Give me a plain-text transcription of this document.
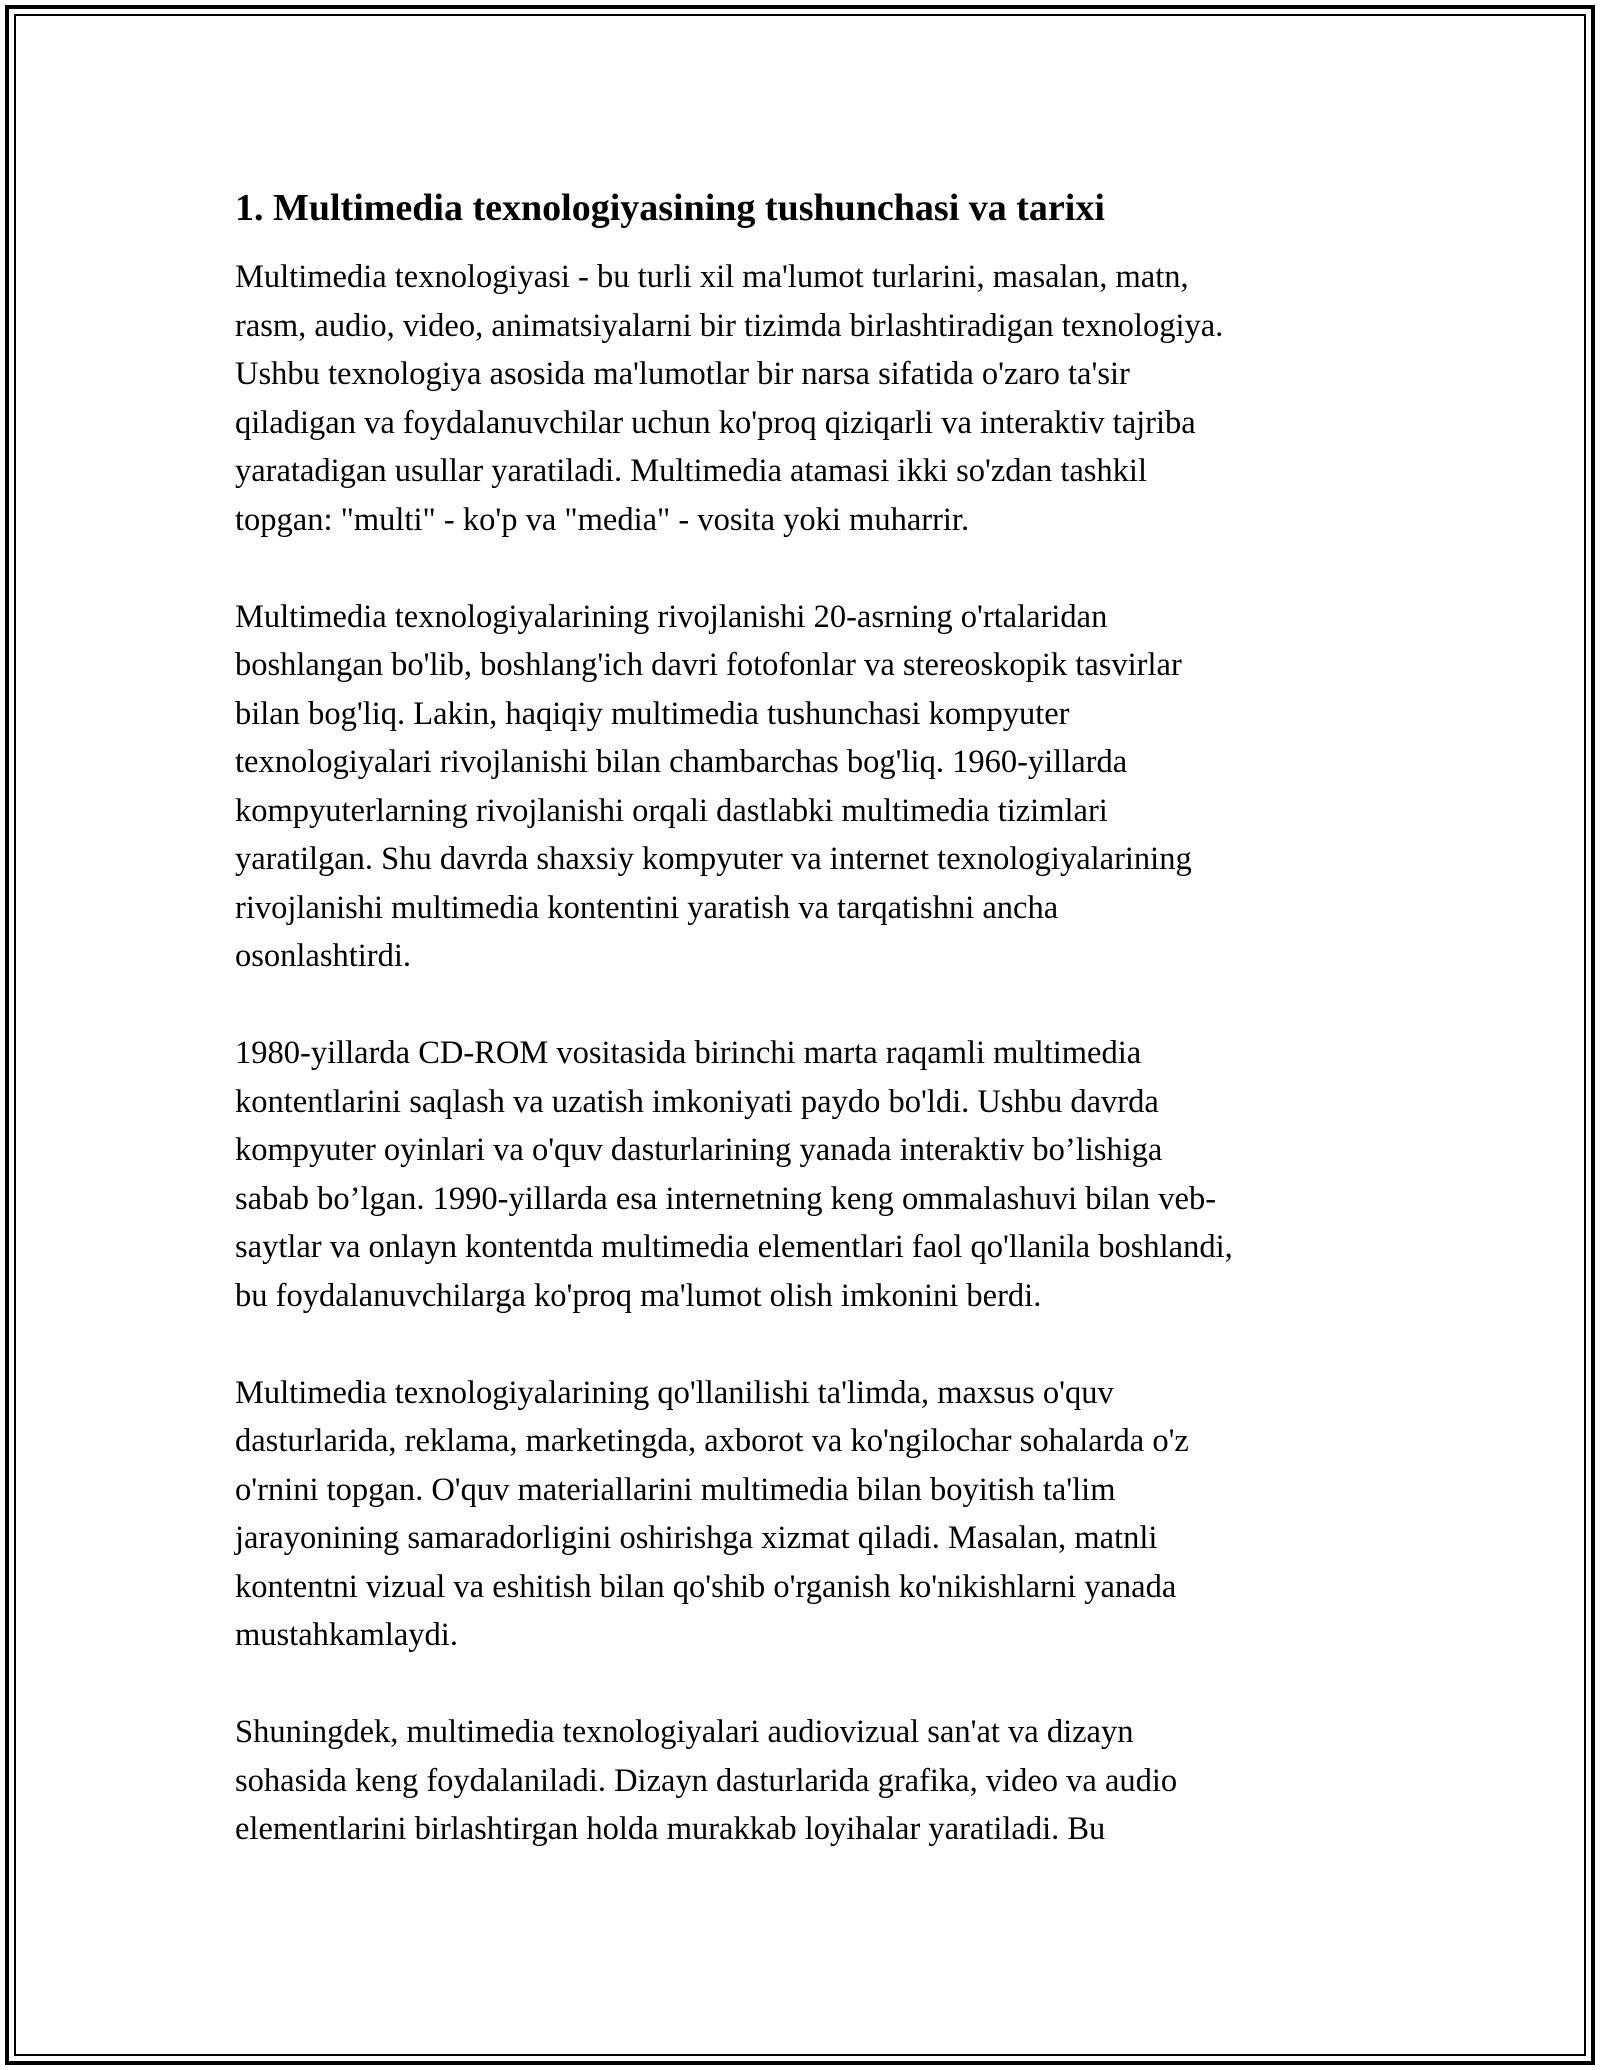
1. Multimedia texnologiyasining tushunchasi va tarixi

Multimedia texnologiyasi - bu turli xil ma'lumot turlarini, masalan, matn,
rasm, audio, video, animatsiyalarni bir tizimda birlashtiradigan texnologiya.
Ushbu texnologiya asosida ma'lumotlar bir narsa sifatida o'zaro ta'sir
qiladigan va foydalanuvchilar uchun ko'proq qiziqarli va interaktiv tajriba
yaratadigan usullar yaratiladi. Multimedia atamasi ikki so'zdan tashkil
topgan: "multi" - ko'p va "media" - vosita yoki muharrir.

Multimedia texnologiyalarining rivojlanishi 20-asrning o'rtalaridan
boshlangan bo'lib, boshlang'ich davri fotofonlar va stereoskopik tasvirlar
bilan bog'liq. Lakin, haqiqiy multimedia tushunchasi kompyuter
texnologiyalari rivojlanishi bilan chambarchas bog'liq. 1960-yillarda
kompyuterlarning rivojlanishi orqali dastlabki multimedia tizimlari
yaratilgan. Shu davrda shaxsiy kompyuter va internet texnologiyalarining
rivojlanishi multimedia kontentini yaratish va tarqatishni ancha
osonlashtirdi.

1980-yillarda CD-ROM vositasida birinchi marta raqamli multimedia
kontentlarini saqlash va uzatish imkoniyati paydo bo'ldi. Ushbu davrda
kompyuter oyinlari va o'quv dasturlarining yanada interaktiv bo’lishiga
sabab bo’lgan. 1990-yillarda esa internetning keng ommalashuvi bilan veb-
saytlar va onlayn kontentda multimedia elementlari faol qo'llanila boshlandi,
bu foydalanuvchilarga ko'proq ma'lumot olish imkonini berdi.

Multimedia texnologiyalarining qo'llanilishi ta'limda, maxsus o'quv
dasturlarida, reklama, marketingda, axborot va ko'ngilochar sohalarda o'z
o'rnini topgan. O'quv materiallarini multimedia bilan boyitish ta'lim
jarayonining samaradorligini oshirishga xizmat qiladi. Masalan, matnli
kontentni vizual va eshitish bilan qo'shib o'rganish ko'nikishlarni yanada
mustahkamlaydi.

Shuningdek, multimedia texnologiyalari audiovizual san'at va dizayn
sohasida keng foydalaniladi. Dizayn dasturlarida grafika, video va audio
elementlarini birlashtirgan holda murakkab loyihalar yaratiladi. Bu
